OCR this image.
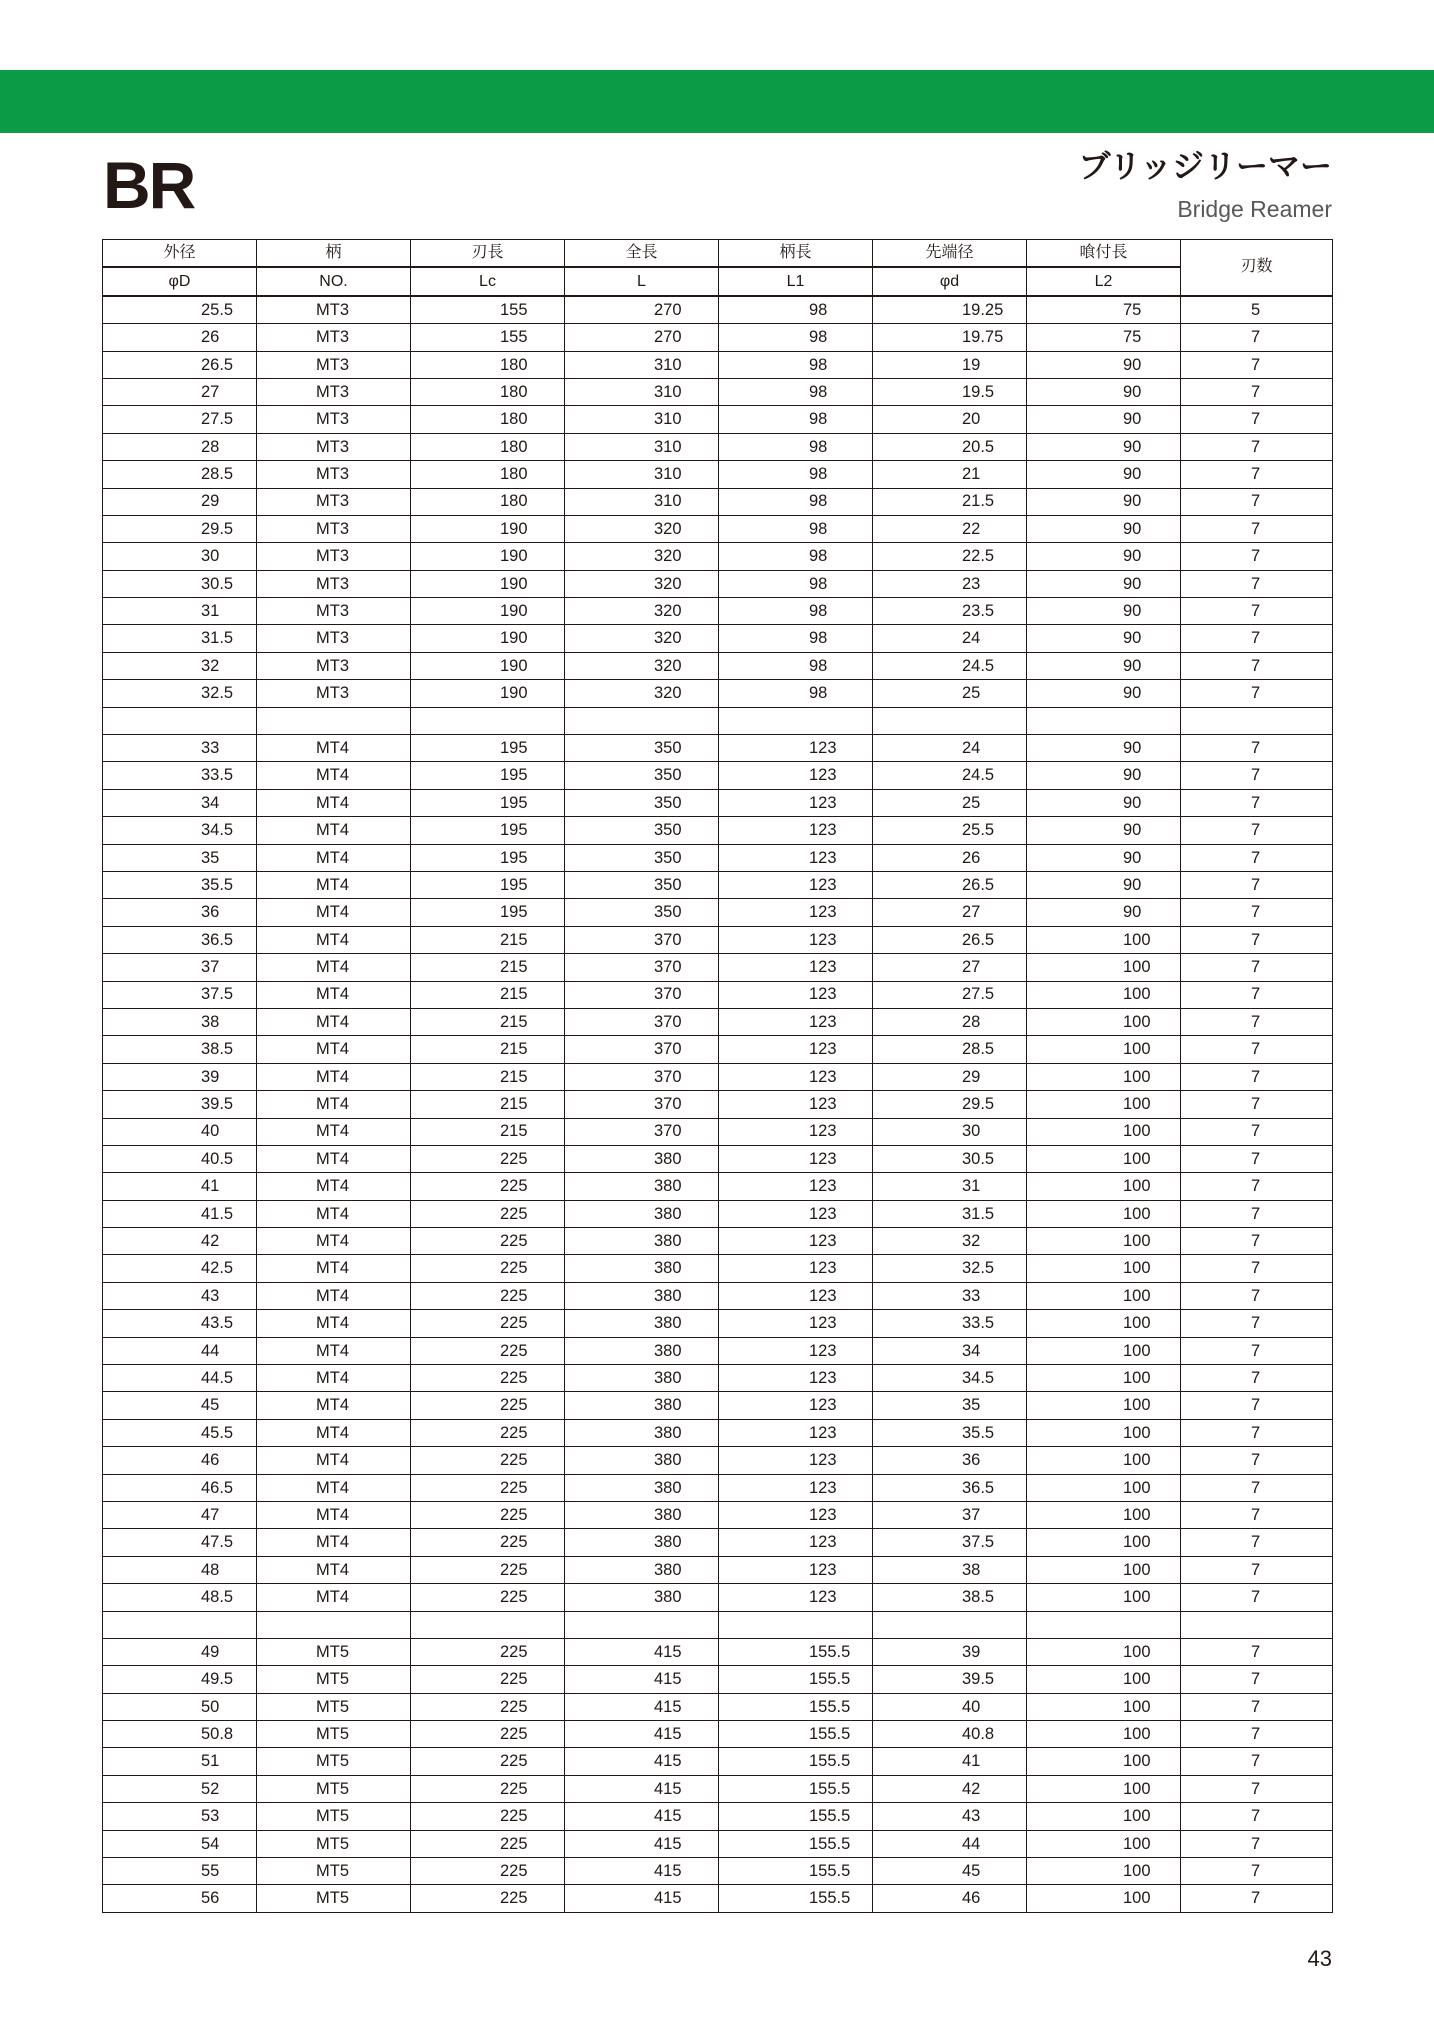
BR	ブリッジリーマー
Bridge Reamer
外径	柄	刃長	全長	柄長	先端径	喰付長	刃数
φD	NO.	Lc	L	L1	φd	L2	
25.5	MT3	155	270	98	19.25	75	5
26	MT3	155	270	98	19.75	75	7
26.5	MT3	180	310	98	19	90	7
27	MT3	180	310	98	19.5	90	7
27.5	MT3	180	310	98	20	90	7
28	MT3	180	310	98	20.5	90	7
28.5	MT3	180	310	98	21	90	7
29	MT3	180	310	98	21.5	90	7
29.5	MT3	190	320	98	22	90	7
30	MT3	190	320	98	22.5	90	7
30.5	MT3	190	320	98	23	90	7
31	MT3	190	320	98	23.5	90	7
31.5	MT3	190	320	98	24	90	7
32	MT3	190	320	98	24.5	90	7
32.5	MT3	190	320	98	25	90	7

33	MT4	195	350	123	24	90	7
33.5	MT4	195	350	123	24.5	90	7
34	MT4	195	350	123	25	90	7
34.5	MT4	195	350	123	25.5	90	7
35	MT4	195	350	123	26	90	7
35.5	MT4	195	350	123	26.5	90	7
36	MT4	195	350	123	27	90	7
36.5	MT4	215	370	123	26.5	100	7
37	MT4	215	370	123	27	100	7
37.5	MT4	215	370	123	27.5	100	7
38	MT4	215	370	123	28	100	7
38.5	MT4	215	370	123	28.5	100	7
39	MT4	215	370	123	29	100	7
39.5	MT4	215	370	123	29.5	100	7
40	MT4	215	370	123	30	100	7
40.5	MT4	225	380	123	30.5	100	7
41	MT4	225	380	123	31	100	7
41.5	MT4	225	380	123	31.5	100	7
42	MT4	225	380	123	32	100	7
42.5	MT4	225	380	123	32.5	100	7
43	MT4	225	380	123	33	100	7
43.5	MT4	225	380	123	33.5	100	7
44	MT4	225	380	123	34	100	7
44.5	MT4	225	380	123	34.5	100	7
45	MT4	225	380	123	35	100	7
45.5	MT4	225	380	123	35.5	100	7
46	MT4	225	380	123	36	100	7
46.5	MT4	225	380	123	36.5	100	7
47	MT4	225	380	123	37	100	7
47.5	MT4	225	380	123	37.5	100	7
48	MT4	225	380	123	38	100	7
48.5	MT4	225	380	123	38.5	100	7

49	MT5	225	415	155.5	39	100	7
49.5	MT5	225	415	155.5	39.5	100	7
50	MT5	225	415	155.5	40	100	7
50.8	MT5	225	415	155.5	40.8	100	7
51	MT5	225	415	155.5	41	100	7
52	MT5	225	415	155.5	42	100	7
53	MT5	225	415	155.5	43	100	7
54	MT5	225	415	155.5	44	100	7
55	MT5	225	415	155.5	45	100	7
56	MT5	225	415	155.5	46	100	7
43
